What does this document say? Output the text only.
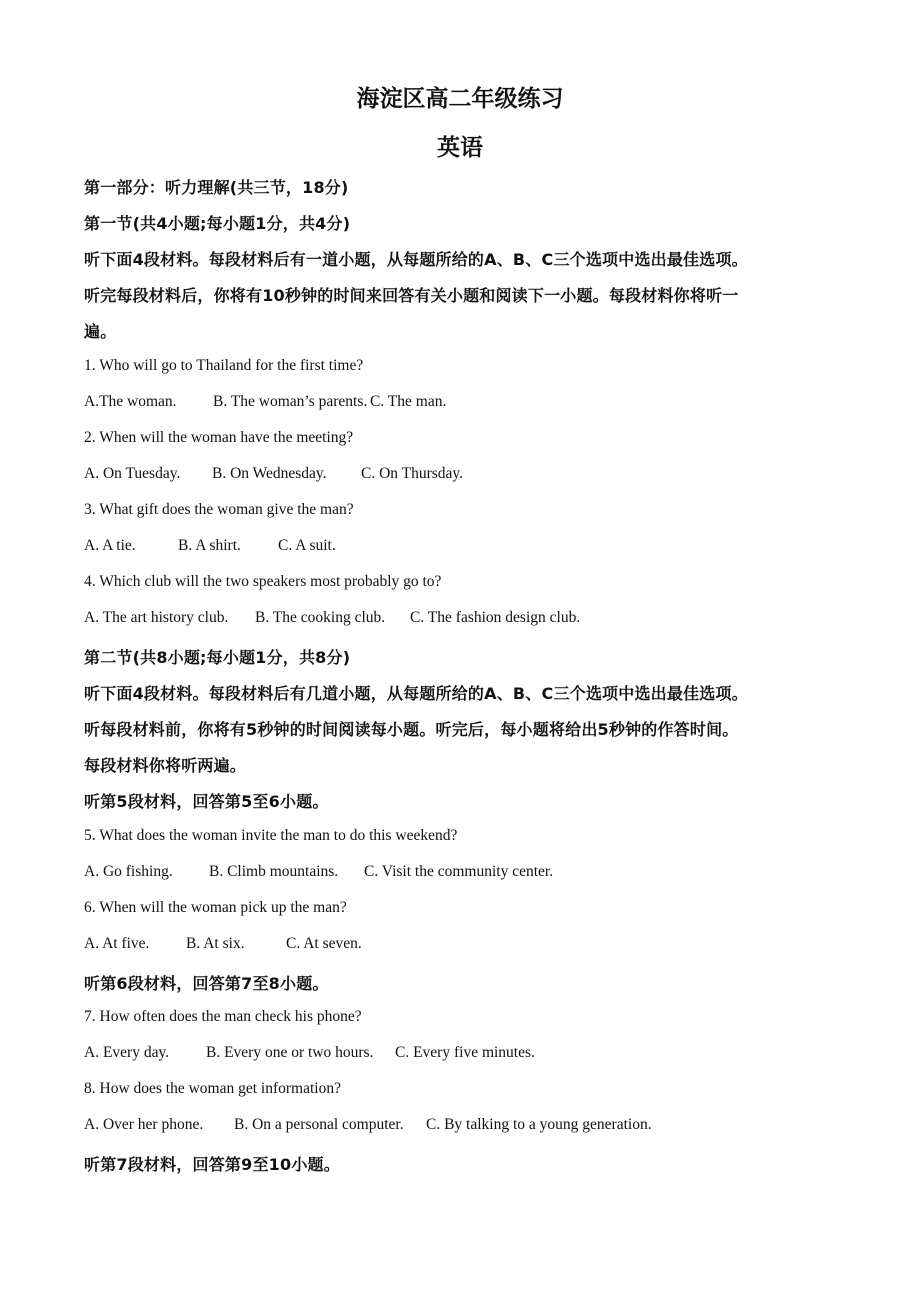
海淀区高二年级练习
英语
第一部分：听力理解(共三节，18分)
第一节(共4小题;每小题1分，共4分)
听下面4段材料。每段材料后有一道小题，从每题所给的A、B、C三个选项中选出最佳选项。
听完每段材料后，你将有10秒钟的时间来回答有关小题和阅读下一小题。每段材料你将听一
遍。
1. Who will go to Thailand for the first time?
A.The woman. B. The woman’s parents. C. The man.
2. When will the woman have the meeting?
A. On Tuesday. B. On Wednesday. C. On Thursday.
3. What gift does the woman give the man?
A. A tie.	B. A shirt. C. A suit.
4. Which club will the two speakers most probably go to?
A. The art history club. B. The cooking club. C. The fashion design club.
第二节(共8小题;每小题1分，共8分)
听下面4段材料。每段材料后有几道小题，从每题所给的A、B、C三个选项中选出最佳选项。
听每段材料前，你将有5秒钟的时间阅读每小题。听完后，每小题将给出5秒钟的作答时间。
每段材料你将听两遍。
听第5段材料，回答第5至6小题。
5. What does the woman invite the man to do this weekend?
A. Go fishing. B. Climb mountains. C. Visit the community center.
6. When will the woman pick up the man?
A. At five. B. At six.	C. At seven.
听第6段材料，回答第7至8小题。
7. How often does the man check his phone?
A. Every day. B. Every one or two hours. C. Every five minutes.
8. How does the woman get information?
A. Over her phone. B. On a personal computer. C. By talking to a young generation.
听第7段材料，回答第9至10小题。
